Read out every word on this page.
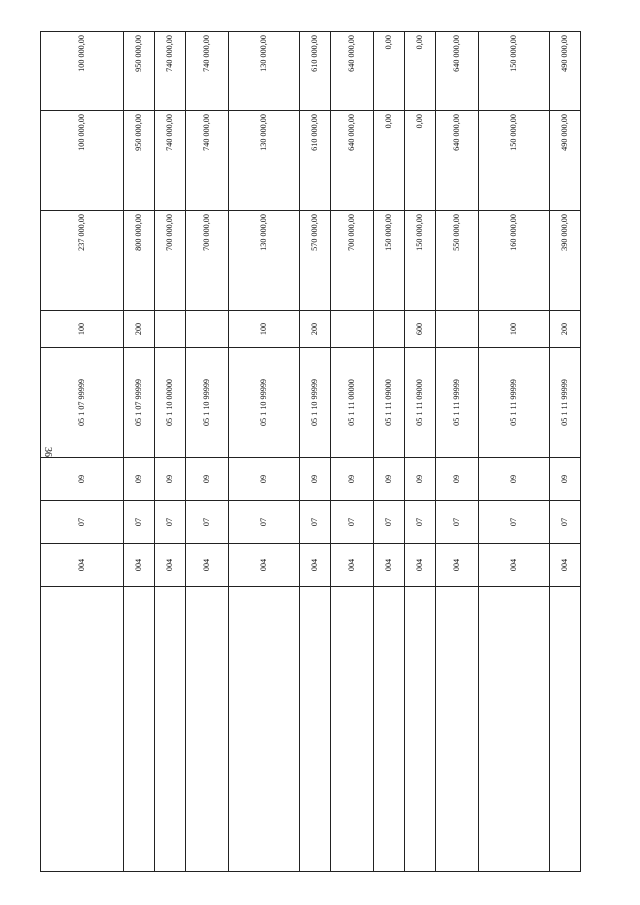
36
	004	07	09	05 1 07 99999	100	237 000,00	100 000,00	100 000,00
	004	07	09	05 1 07 99999	200	800 000,00	950 000,00	950 000,00
	004	07	09	05 1 10 00000		700 000,00	740 000,00	740 000,00
	004	07	09	05 1 10 99999		700 000,00	740 000,00	740 000,00
	004	07	09	05 1 10 99999	100	130 000,00	130 000,00	130 000,00
	004	07	09	05 1 10 99999	200	570 000,00	610 000,00	610 000,00
	004	07	09	05 1 11 00000		700 000,00	640 000,00	640 000,00
	004	07	09	05 1 11 09000		150 000,00	0,00	0,00
	004	07	09	05 1 11 09000	600	150 000,00	0,00	0,00
	004	07	09	05 1 11 99999		550 000,00	640 000,00	640 000,00
	004	07	09	05 1 11 99999	100	160 000,00	150 000,00	150 000,00
	004	07	09	05 1 11 99999	200	390 000,00	490 000,00	490 000,00
